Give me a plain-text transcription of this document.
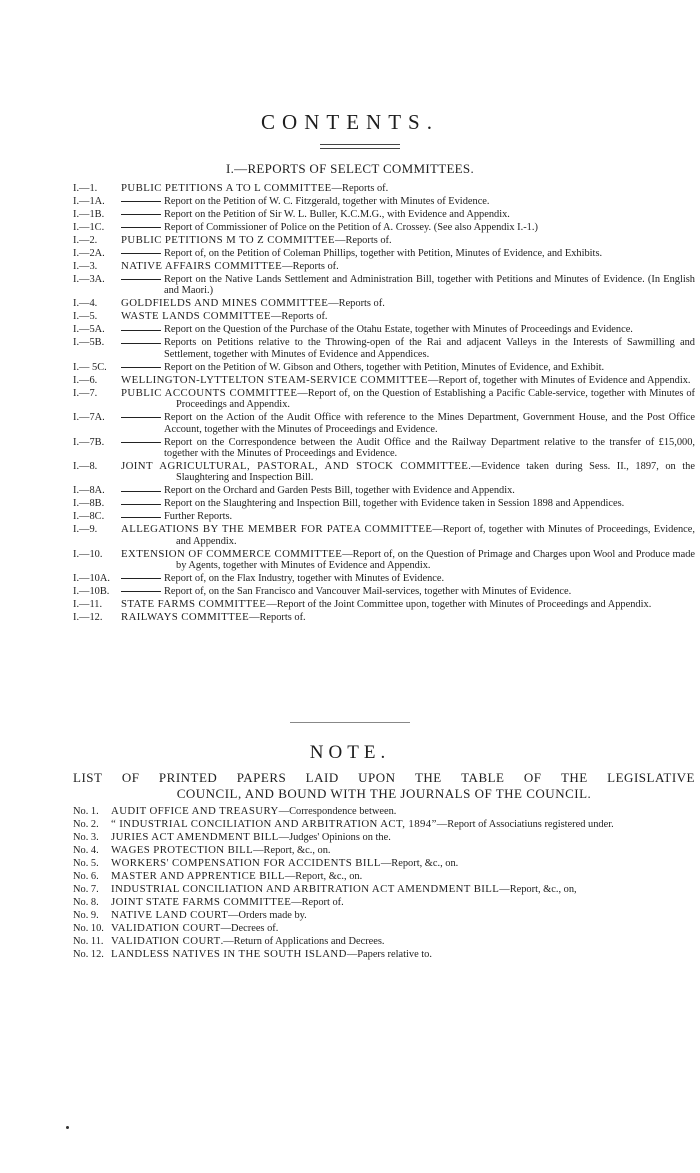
CONTENTS.
I.—REPORTS OF SELECT COMMITTEES.
I.—1.	PUBLIC PETITIONS A TO L COMMITTEE—Reports of.
I.—1A.	Report on the Petition of W. C. Fitzgerald, together with Minutes of Evidence.
I.—1B.	Report on the Petition of Sir W. L. Buller, K.C.M.G., with Evidence and Appendix.
I.—1C.	Report of Commissioner of Police on the Petition of A. Crossey. (See also Appendix I.-1.)
I.—2.	PUBLIC PETITIONS M TO Z COMMITTEE—Reports of.
I.—2A.	Report of, on the Petition of Coleman Phillips, together with Petition, Minutes of Evidence, and Exhibits.
I.—3.	NATIVE AFFAIRS COMMITTEE—Reports of.
I.—3A.	Report on the Native Lands Settlement and Administration Bill, together with Petitions and Minutes of Evidence. (In English and Maori.)
I.—4.	GOLDFIELDS AND MINES COMMITTEE—Reports of.
I.—5.	WASTE LANDS COMMITTEE—Reports of.
I.—5A.	Report on the Question of the Purchase of the Otahu Estate, together with Minutes of Proceedings and Evidence.
I.—5B.	Reports on Petitions relative to the Throwing-open of the Rai and adjacent Valleys in the Interests of Sawmilling and Settlement, together with Minutes of Evidence and Appendices.
I.— 5C.	Report on the Petition of W. Gibson and Others, together with Petition, Minutes of Evidence, and Exhibit.
I.—6.	WELLINGTON-LYTTELTON STEAM-SERVICE COMMITTEE—Report of, together with Minutes of Evidence and Appendix.
I.—7.	PUBLIC ACCOUNTS COMMITTEE—Report of, on the Question of Establishing a Pacific Cable-service, together with Minutes of Proceedings and Appendix.
I.—7A.	Report on the Action of the Audit Office with reference to the Mines Department, Government House, and the Post Office Account, together with the Minutes of Proceedings and Evidence.
I.—7B.	Report on the Correspondence between the Audit Office and the Railway Department relative to the transfer of £15,000, together with the Minutes of Proceedings and Evidence.
I.—8.	JOINT AGRICULTURAL, PASTORAL, AND STOCK COMMITTEE.—Evidence taken during Sess. II., 1897, on the Slaughtering and Inspection Bill.
I.—8A.	Report on the Orchard and Garden Pests Bill, together with Evidence and Appendix.
I.—8B.	Report on the Slaughtering and Inspection Bill, together with Evidence taken in Session 1898 and Appendices.
I.—8C.	Further Reports.
I.—9.	ALLEGATIONS BY THE MEMBER FOR PATEA COMMITTEE—Report of, together with Minutes of Proceedings, Evidence, and Appendix.
I.—10.	EXTENSION OF COMMERCE COMMITTEE—Report of, on the Question of Primage and Charges upon Wool and Produce made by Agents, together with Minutes of Evidence and Appendix.
I.—10A.	Report of, on the Flax Industry, together with Minutes of Evidence.
I.—10B.	Report of, on the San Francisco and Vancouver Mail-services, together with Minutes of Evidence.
I.—11.	STATE FARMS COMMITTEE—Report of the Joint Committee upon, together with Minutes of Proceedings and Appendix.
I.—12.	RAILWAYS COMMITTEE—Reports of.
NOTE.
LIST OF PRINTED PAPERS LAID UPON THE TABLE OF THE LEGISLATIVE
COUNCIL, AND BOUND WITH THE JOURNALS OF THE COUNCIL.
No. 1.	AUDIT OFFICE AND TREASURY—Correspondence between.
No. 2.	“ INDUSTRIAL CONCILIATION AND ARBITRATION ACT, 1894”—Report of Associatiuns registered under.
No. 3.	JURIES ACT AMENDMENT BILL—Judges' Opinions on the.
No. 4.	WAGES PROTECTION BILL—Report, &c., on.
No. 5.	WORKERS' COMPENSATION FOR ACCIDENTS BILL—Report, &c., on.
No. 6.	MASTER AND APPRENTICE BILL—Report, &c., on.
No. 7.	INDUSTRIAL CONCILIATION AND ARBITRATION ACT AMENDMENT BILL—Report, &c., on,
No. 8.	JOINT STATE FARMS COMMITTEE—Report of.
No. 9.	NATIVE LAND COURT—Orders made by.
No. 10. VALIDATION COURT—Decrees of.
No. 11. VALIDATION COURT.—Return of Applications and Decrees.
No. 12. LANDLESS NATIVES IN THE SOUTH ISLAND—Papers relative to.
